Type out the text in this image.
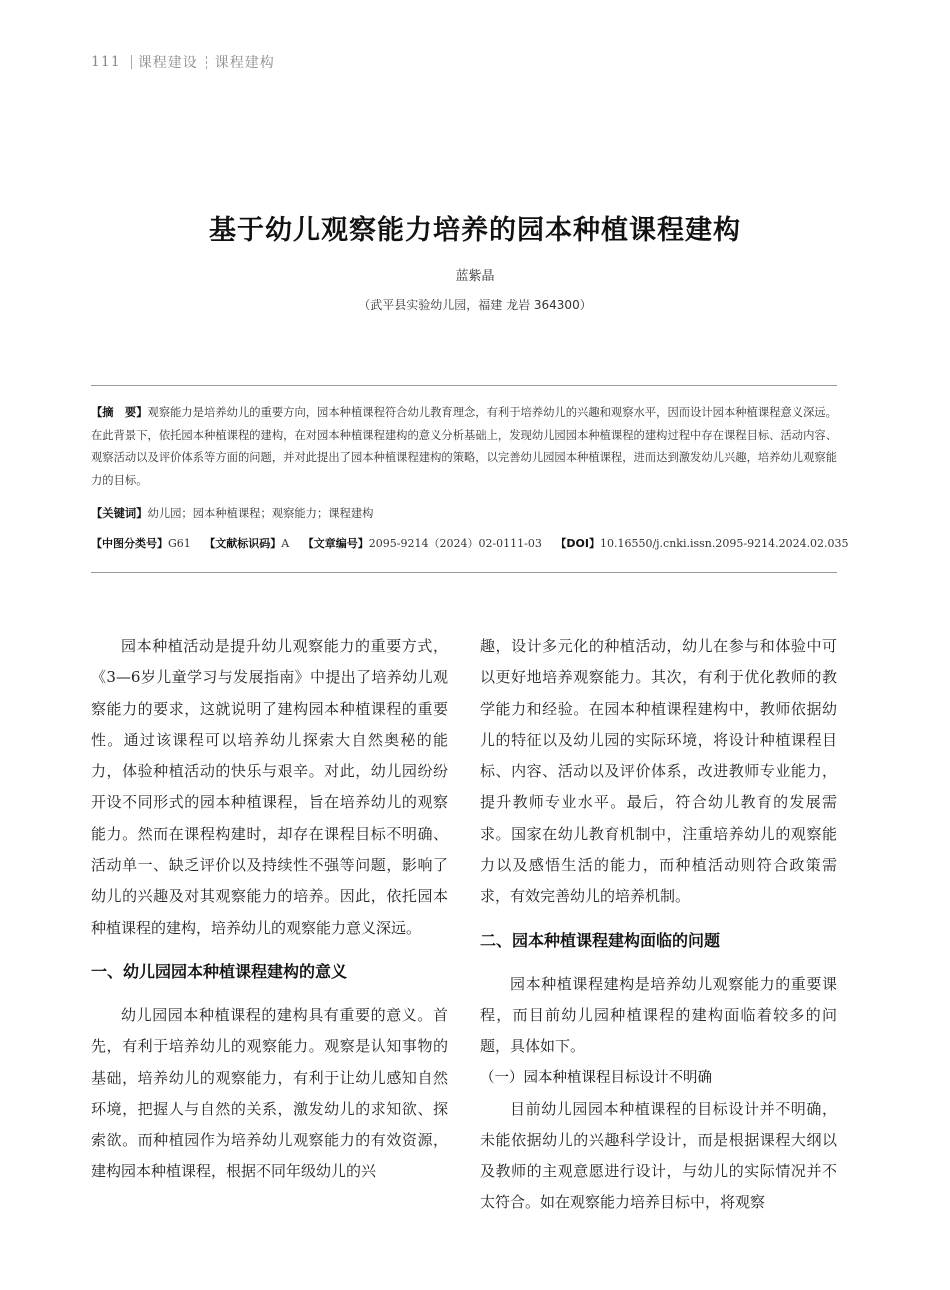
111 课程建设 课程建构
基于幼儿观察能力培养的园本种植课程建构
蓝紫晶
（武平县实验幼儿园，福建 龙岩 364300）
【摘　要】观察能力是培养幼儿的重要方向，园本种植课程符合幼儿教育理念，有利于培养幼儿的兴趣和观察水平，因而设计园本种植课程意义深远。在此背景下，依托园本种植课程的建构，在对园本种植课程建构的意义分析基础上，发现幼儿园园本种植课程的建构过程中存在课程目标、活动内容、观察活动以及评价体系等方面的问题，并对此提出了园本种植课程建构的策略，以完善幼儿园园本种植课程，进而达到激发幼儿兴趣，培养幼儿观察能力的目标。
【关键词】幼儿园；园本种植课程；观察能力；课程建构
【中图分类号】G61 【文献标识码】A 【文章编号】2095-9214（2024）02-0111-03 【DOI】10.16550/j.cnki.issn.2095-9214.2024.02.035

园本种植活动是提升幼儿观察能力的重要方式，《3—6岁儿童学习与发展指南》中提出了培养幼儿观察能力的要求，这就说明了建构园本种植课程的重要性。通过该课程可以培养幼儿探索大自然奥秘的能力，体验种植活动的快乐与艰辛。对此，幼儿园纷纷开设不同形式的园本种植课程，旨在培养幼儿的观察能力。然而在课程构建时，却存在课程目标不明确、活动单一、缺乏评价以及持续性不强等问题，影响了幼儿的兴趣及对其观察能力的培养。因此，依托园本种植课程的建构，培养幼儿的观察能力意义深远。

一、幼儿园园本种植课程建构的意义

幼儿园园本种植课程的建构具有重要的意义。首先，有利于培养幼儿的观察能力。观察是认知事物的基础，培养幼儿的观察能力，有利于让幼儿感知自然环境，把握人与自然的关系，激发幼儿的求知欲、探索欲。而种植园作为培养幼儿观察能力的有效资源，建构园本种植课程，根据不同年级幼儿的兴

趣，设计多元化的种植活动，幼儿在参与和体验中可以更好地培养观察能力。其次，有利于优化教师的教学能力和经验。在园本种植课程建构中，教师依据幼儿的特征以及幼儿园的实际环境，将设计种植课程目标、内容、活动以及评价体系，改进教师专业能力，提升教师专业水平。最后，符合幼儿教育的发展需求。国家在幼儿教育机制中，注重培养幼儿的观察能力以及感悟生活的能力，而种植活动则符合政策需求，有效完善幼儿的培养机制。

二、园本种植课程建构面临的问题

园本种植课程建构是培养幼儿观察能力的重要课程，而目前幼儿园种植课程的建构面临着较多的问题，具体如下。

（一）园本种植课程目标设计不明确

目前幼儿园园本种植课程的目标设计并不明确，未能依据幼儿的兴趣科学设计，而是根据课程大纲以及教师的主观意愿进行设计，与幼儿的实际情况并不太符合。如在观察能力培养目标中，将观察
